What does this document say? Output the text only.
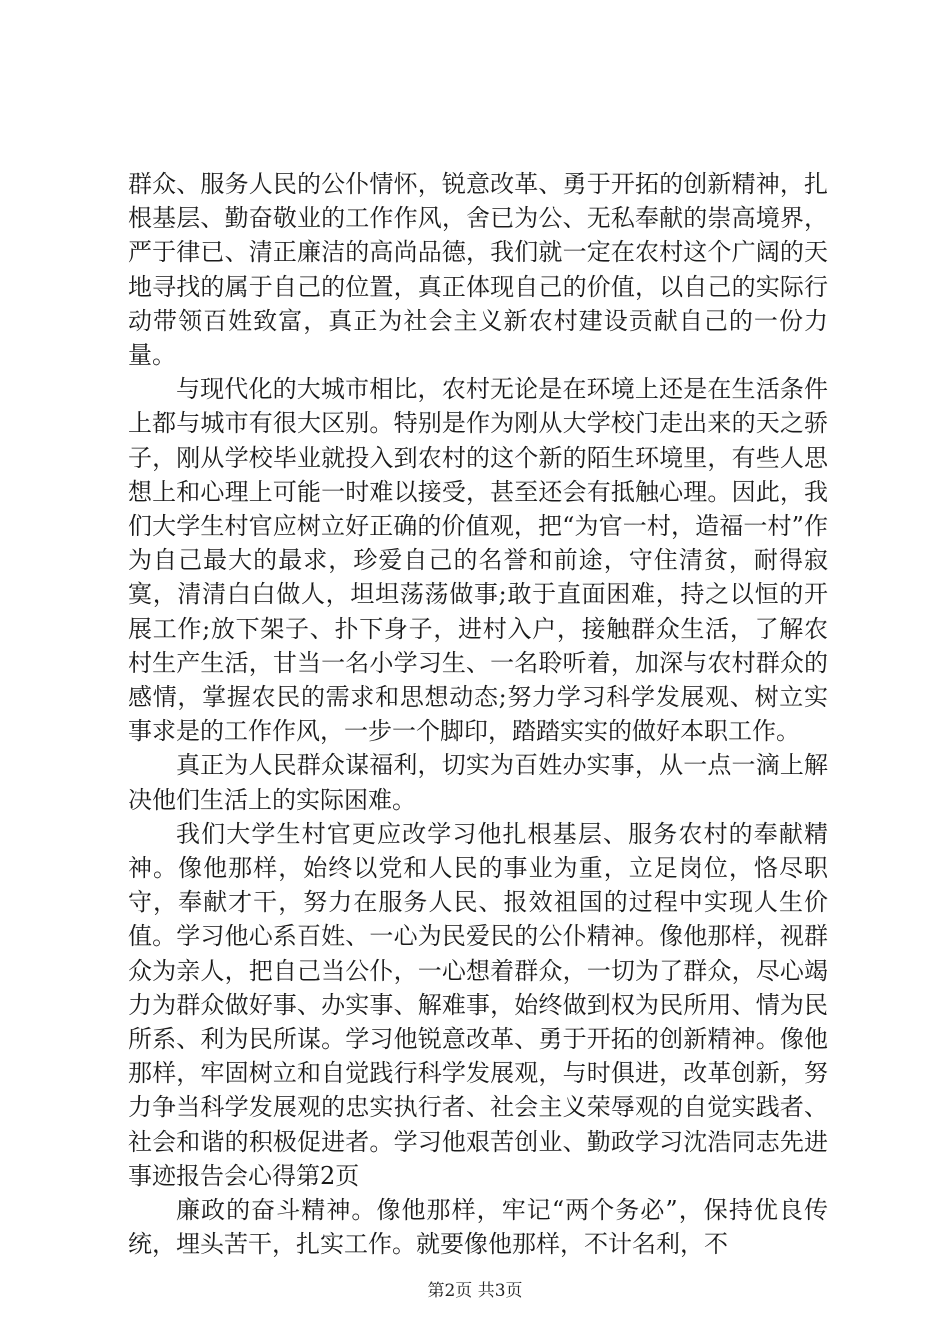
群众、服务人民的公仆情怀，锐意改革、勇于开拓的创新精神，扎根基层、勤奋敬业的工作作风，舍已为公、无私奉献的崇高境界，严于律已、清正廉洁的高尚品德，我们就一定在农村这个广阔的天地寻找的属于自己的位置，真正体现自己的价值，以自己的实际行动带领百姓致富，真正为社会主义新农村建设贡献自己的一份力量。

与现代化的大城市相比，农村无论是在环境上还是在生活条件上都与城市有很大区别。特别是作为刚从大学校门走出来的天之骄子，刚从学校毕业就投入到农村的这个新的陌生环境里，有些人思想上和心理上可能一时难以接受，甚至还会有抵触心理。因此，我们大学生村官应树立好正确的价值观，把“为官一村，造福一村”作为自己最大的最求，珍爱自己的名誉和前途，守住清贫，耐得寂寞，清清白白做人，坦坦荡荡做事;敢于直面困难，持之以恒的开展工作;放下架子、扑下身子，进村入户，接触群众生活，了解农村生产生活，甘当一名小学习生、一名聆听着，加深与农村群众的感情，掌握农民的需求和思想动态;努力学习科学发展观、树立实事求是的工作作风，一步一个脚印，踏踏实实的做好本职工作。

真正为人民群众谋福利，切实为百姓办实事，从一点一滴上解决他们生活上的实际困难。

我们大学生村官更应改学习他扎根基层、服务农村的奉献精神。像他那样，始终以党和人民的事业为重，立足岗位，恪尽职守，奉献才干，努力在服务人民、报效祖国的过程中实现人生价值。学习他心系百姓、一心为民爱民的公仆精神。像他那样，视群众为亲人，把自己当公仆，一心想着群众，一切为了群众，尽心竭力为群众做好事、办实事、解难事，始终做到权为民所用、情为民所系、利为民所谋。学习他锐意改革、勇于开拓的创新精神。像他那样，牢固树立和自觉践行科学发展观，与时俱进，改革创新，努力争当科学发展观的忠实执行者、社会主义荣辱观的自觉实践者、社会和谐的积极促进者。学习他艰苦创业、勤政学习沈浩同志先进事迹报告会心得第2页

廉政的奋斗精神。像他那样，牢记“两个务必”，保持优良传统，埋头苦干，扎实工作。就要像他那样，不计名利，不

第2页 共3页
